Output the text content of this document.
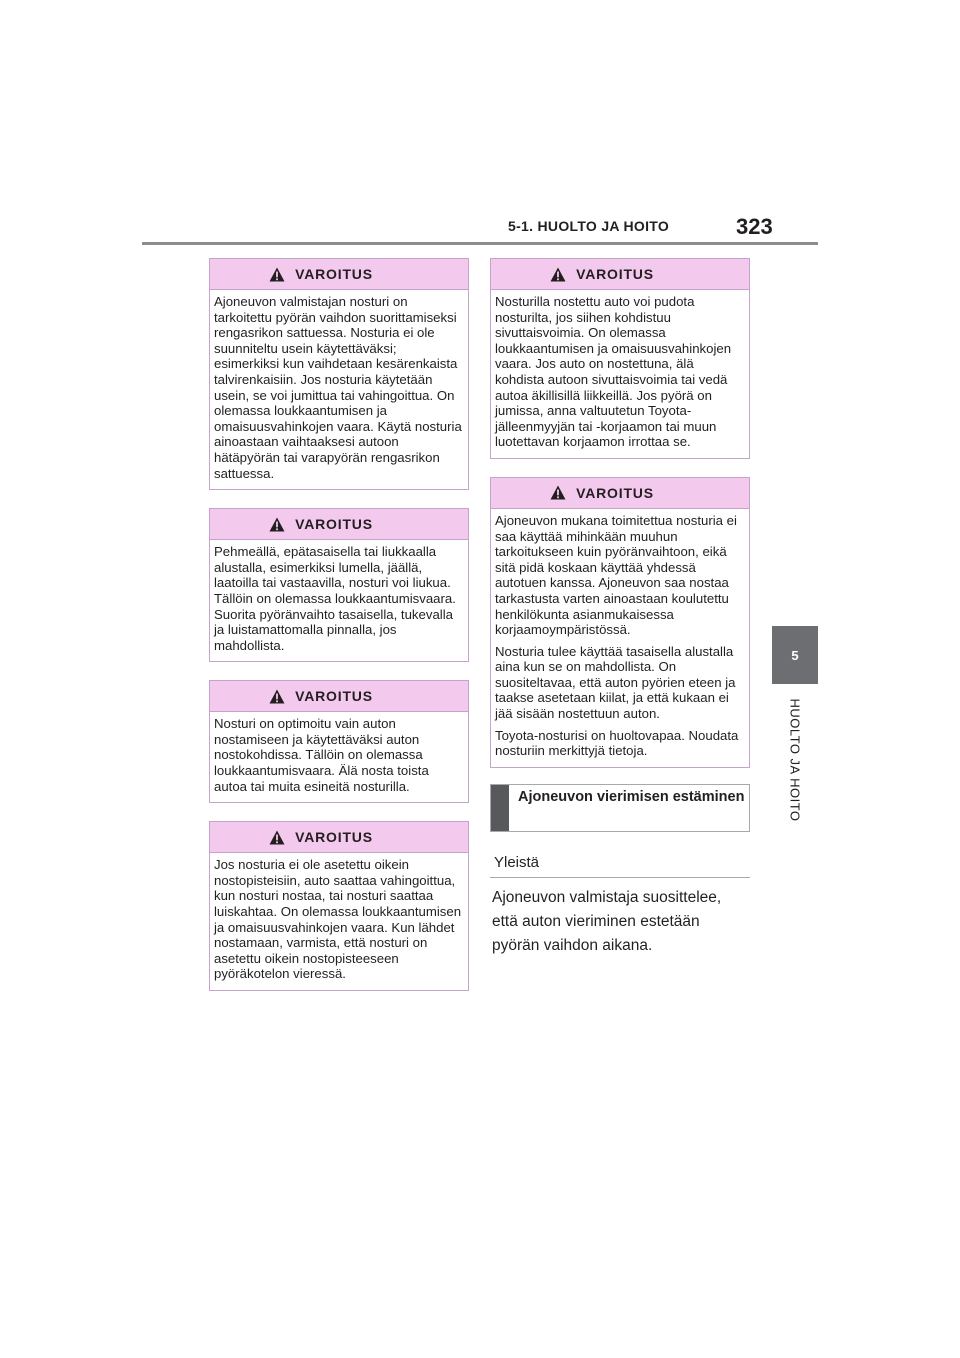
5-1. HUOLTO JA HOITO	323
5
HUOLTO JA HOITO
VAROITUS

Ajoneuvon valmistajan nosturi on tarkoitettu pyörän vaihdon suorittamiseksi rengasrikon sattuessa. Nosturia ei ole suunniteltu usein käytettäväksi; esimerkiksi kun vaihdetaan kesärenkaista talvirenkaisiin. Jos nosturia käytetään usein, se voi jumittua tai vahingoittua. On olemassa loukkaantumisen ja omaisuusvahinkojen vaara. Käytä nosturia ainoastaan vaihtaaksesi autoon hätäpyörän tai varapyörän rengasrikon sattuessa.

VAROITUS

Pehmeällä, epätasaisella tai liukkaalla alustalla, esimerkiksi lumella, jäällä, laatoilla tai vastaavilla, nosturi voi liukua. Tällöin on olemassa loukkaantumisvaara. Suorita pyöränvaihto tasaisella, tukevalla ja luistamattomalla pinnalla, jos mahdollista.

VAROITUS

Nosturi on optimoitu vain auton nostamiseen ja käytettäväksi auton nostokohdissa. Tällöin on olemassa loukkaantumisvaara. Älä nosta toista autoa tai muita esineitä nosturilla.

VAROITUS

Jos nosturia ei ole asetettu oikein nostopisteisiin, auto saattaa vahingoittua, kun nosturi nostaa, tai nosturi saattaa luiskahtaa. On olemassa loukkaantumisen ja omaisuusvahinkojen vaara. Kun lähdet nostamaan, varmista, että nosturi on asetettu oikein nostopisteeseen pyöräkotelon vieressä.

VAROITUS

Nosturilla nostettu auto voi pudota nosturilta, jos siihen kohdistuu sivuttaisvoimia. On olemassa loukkaantumisen ja omaisuusvahinkojen vaara. Jos auto on nostettuna, älä kohdista autoon sivuttaisvoimia tai vedä autoa äkillisillä liikkeillä. Jos pyörä on jumissa, anna valtuutetun Toyota-jälleenmyyjän tai -korjaamon tai muun luotettavan korjaamon irrottaa se.

VAROITUS

Ajoneuvon mukana toimitettua nosturia ei saa käyttää mihinkään muuhun tarkoitukseen kuin pyöränvaihtoon, eikä sitä pidä koskaan käyttää yhdessä autotuen kanssa. Ajoneuvon saa nostaa tarkastusta varten ainoastaan koulutettu henkilökunta asianmukaisessa korjaamoympäristössä.

Nosturia tulee käyttää tasaisella alustalla aina kun se on mahdollista. On suositeltavaa, että auton pyörien eteen ja taakse asetetaan kiilat, ja että kukaan ei jää sisään nostettuun auton.

Toyota-nosturisi on huoltovapaa. Noudata nosturiin merkittyjä tietoja.

Ajoneuvon vierimisen estäminen
Yleistä
Ajoneuvon valmistaja suosittelee, että auton vieriminen estetään pyörän vaihdon aikana.
